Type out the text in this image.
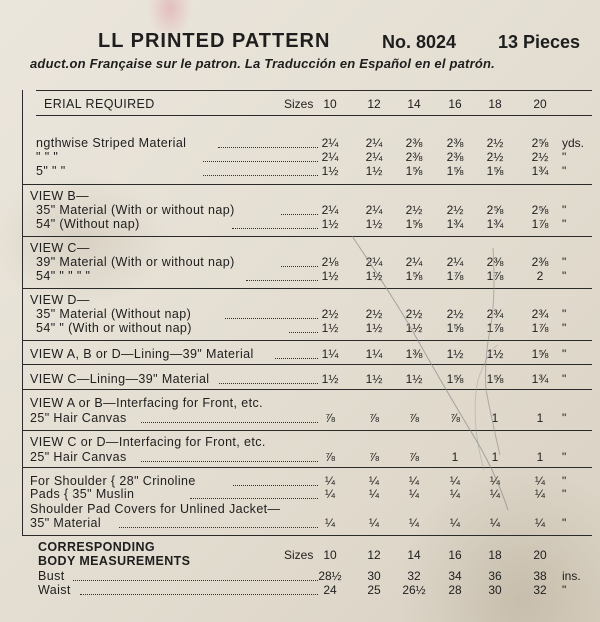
LL PRINTED PATTERN	No. 8024 13 Pieces
aduct.on Française sur le patron. La Traducción en Español en el patrón.
ERIAL REQUIRED	Sizes 10	12	14	16	18	20
ngthwise Striped Material	2¼	2¼	2⅜	2⅜	2½	2⅝	yds.
" " "	2¼	2¼	2⅜	2⅜	2½	2½	"
5" " "	1½	1½	1⅝	1⅝	1⅝	1¾	"
VIEW B—
35" Material (With or without nap)	2¼	2¼	2½	2½	2⅝	2⅝	"
54" (Without nap)	1½	1½	1⅝	1¾	1¾	1⅞	"
VIEW C—
39" Material (With or without nap)	2⅛	2¼	2¼	2¼	2⅜	2⅜	"
54" " " " "	1½	1½	1⅝	1⅞	1⅞	2	"
VIEW D—
35" Material (Without nap)	2½	2½	2½	2½	2¾	2¾	"
54" " (With or without nap)	1½	1½	1½	1⅝	1⅞	1⅞	"
VIEW A, B or D—Lining—39" Material	1¼	1¼	1⅜	1½	1½	1⅝	"
VIEW C—Lining—39" Material	1½	1½	1½	1⅝	1⅝	1¾	"
VIEW A or B—Interfacing for Front, etc.
25" Hair Canvas	⅞	⅞	⅞	⅞	1	1	"
VIEW C or D—Interfacing for Front, etc.
25" Hair Canvas	⅞	⅞	⅞	1	1	1	"
For Shoulder { 28" Crinoline	¼	¼	¼	¼	¼	¼	"
Pads { 35" Muslin	¼	¼	¼	¼	¼	¼	"
Shoulder Pad Covers for Unlined Jacket—
35" Material	¼	¼	¼	¼	¼	¼	"
CORRESPONDING
BODY MEASUREMENTS	Sizes 10	12	14	16	18	20
Bust	28½	30	32	34	36	38	ins.
Waist	24	25	26½	28	30	32	"
